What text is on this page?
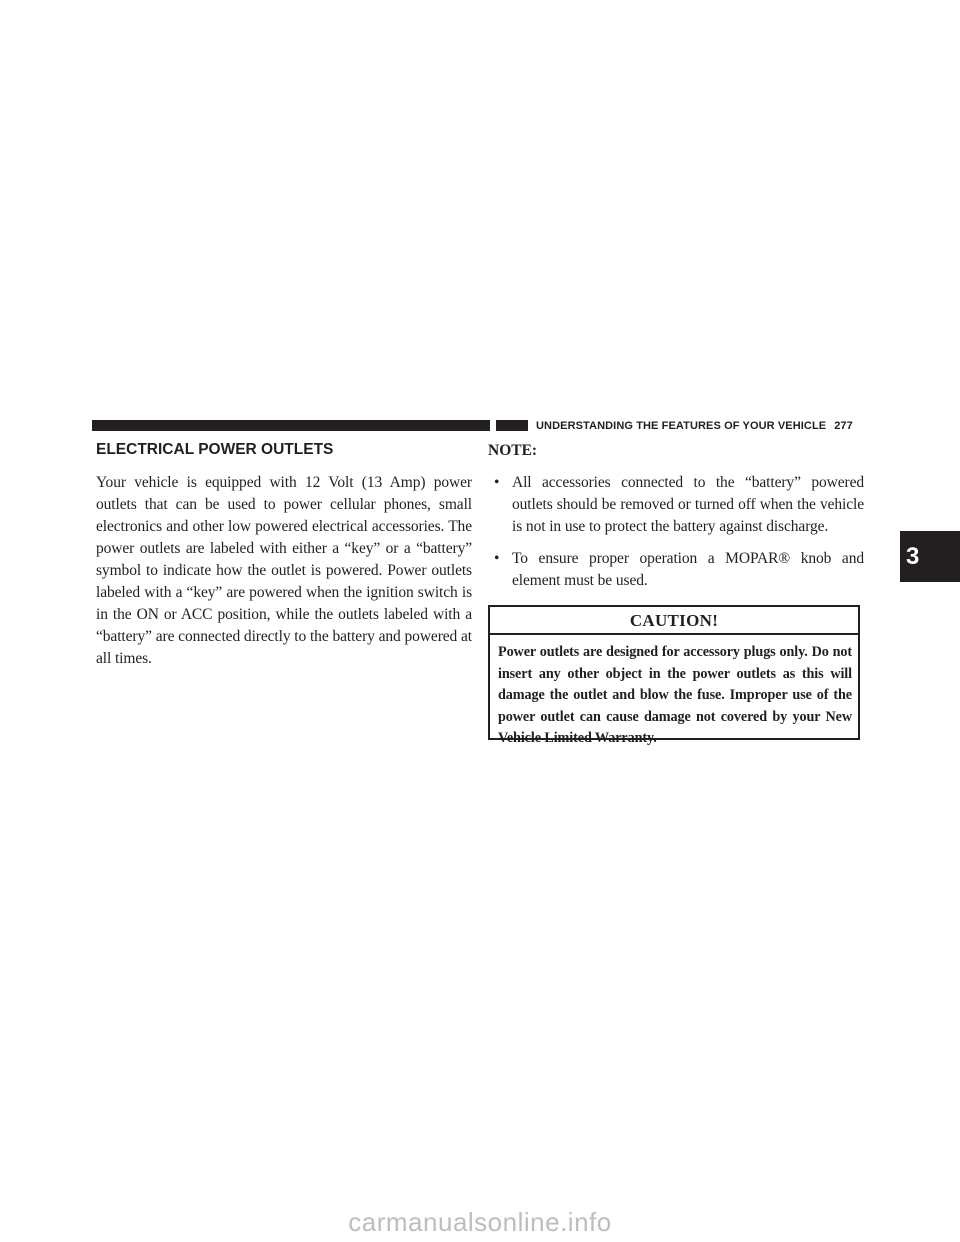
UNDERSTANDING THE FEATURES OF YOUR VEHICLE 277
3
ELECTRICAL POWER OUTLETS

Your vehicle is equipped with 12 Volt (13 Amp) power outlets that can be used to power cellular phones, small electronics and other low powered electrical accessories. The power outlets are labeled with either a “key” or a “battery” symbol to indicate how the outlet is powered. Power outlets labeled with a “key” are powered when the ignition switch is in the ON or ACC position, while the outlets labeled with a “battery” are connected directly to the battery and powered at all times.

NOTE:
• All accessories connected to the “battery” powered outlets should be removed or turned off when the vehicle is not in use to protect the battery against discharge.
• To ensure proper operation a MOPAR® knob and element must be used.
CAUTION!
Power outlets are designed for accessory plugs only. Do not insert any other object in the power outlets as this will damage the outlet and blow the fuse. Improper use of the power outlet can cause damage not covered by your New Vehicle Limited Warranty.
carmanualsonline.info
